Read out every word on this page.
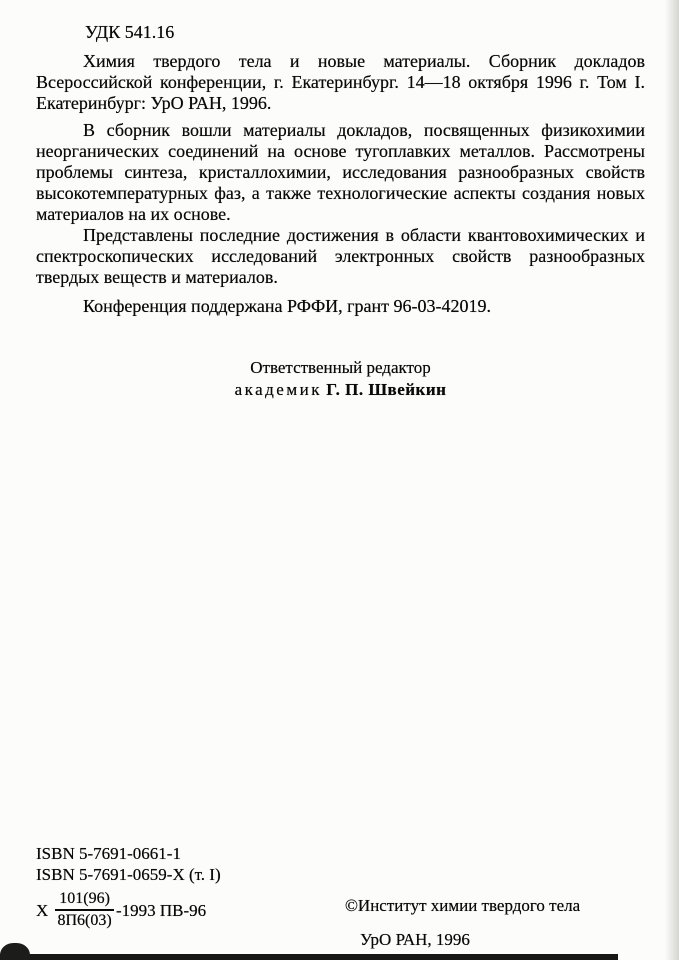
УДК 541.16

Химия твердого тела и новые материалы. Сборник докладов Всероссийской конференции, г. Екатеринбург. 14—18 октября 1996 г. Том I. Екатеринбург: УрО РАН, 1996.

В сборник вошли материалы докладов, посвященных физикохимии неорганических соединений на основе тугоплавких металлов. Рассмотрены проблемы синтеза, кристаллохимии, исследования разнообразных свойств высокотемпературных фаз, а также технологические аспекты создания новых материалов на их основе.

Представлены последние достижения в области квантовохимических и спектроскопических исследований электронных свойств разнообразных твердых веществ и материалов.

Конференция поддержана РФФИ, грант 96-03-42019.

Ответственный редактор
академик Г. П. Швейкин
ISBN 5-7691-0661-1
ISBN 5-7691-0659-X (т. I)
Х $\frac{101(96)}{8П6(03)} -1993$ ПВ-96	©Институт химии твердого тела
УрО РАН, 1996
